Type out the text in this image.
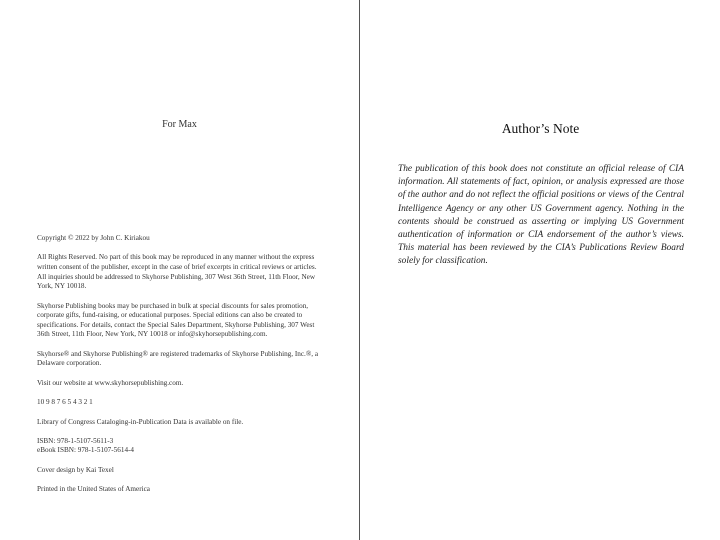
For Max

Copyright © 2022 by John C. Kiriakou

All Rights Reserved. No part of this book may be reproduced in any manner without the express written consent of the publisher, except in the case of brief excerpts in critical reviews or articles. All inquiries should be addressed to Skyhorse Publishing, 307 West 36th Street, 11th Floor, New York, NY 10018.

Skyhorse Publishing books may be purchased in bulk at special discounts for sales promotion, corporate gifts, fund-raising, or educational purposes. Special editions can also be created to specifications. For details, contact the Special Sales Department, Skyhorse Publishing, 307 West 36th Street, 11th Floor, New York, NY 10018 or info@skyhorsepublishing.com.

Skyhorse® and Skyhorse Publishing® are registered trademarks of Skyhorse Publishing, Inc.®, a Delaware corporation.

Visit our website at www.skyhorsepublishing.com.

10 9 8 7 6 5 4 3 2 1

Library of Congress Cataloging-in-Publication Data is available on file.

ISBN: 978-1-5107-5611-3
eBook ISBN: 978-1-5107-5614-4

Cover design by Kai Texel

Printed in the United States of America

Author’s Note
The publication of this book does not constitute an official release of CIA information. All statements of fact, opinion, or analysis expressed are those of the author and do not reflect the official positions or views of the Central Intelligence Agency or any other US Government agency. Nothing in the contents should be construed as asserting or implying US Government authentication of information or CIA endorsement of the author’s views. This material has been reviewed by the CIA’s Publications Review Board solely for classification.
